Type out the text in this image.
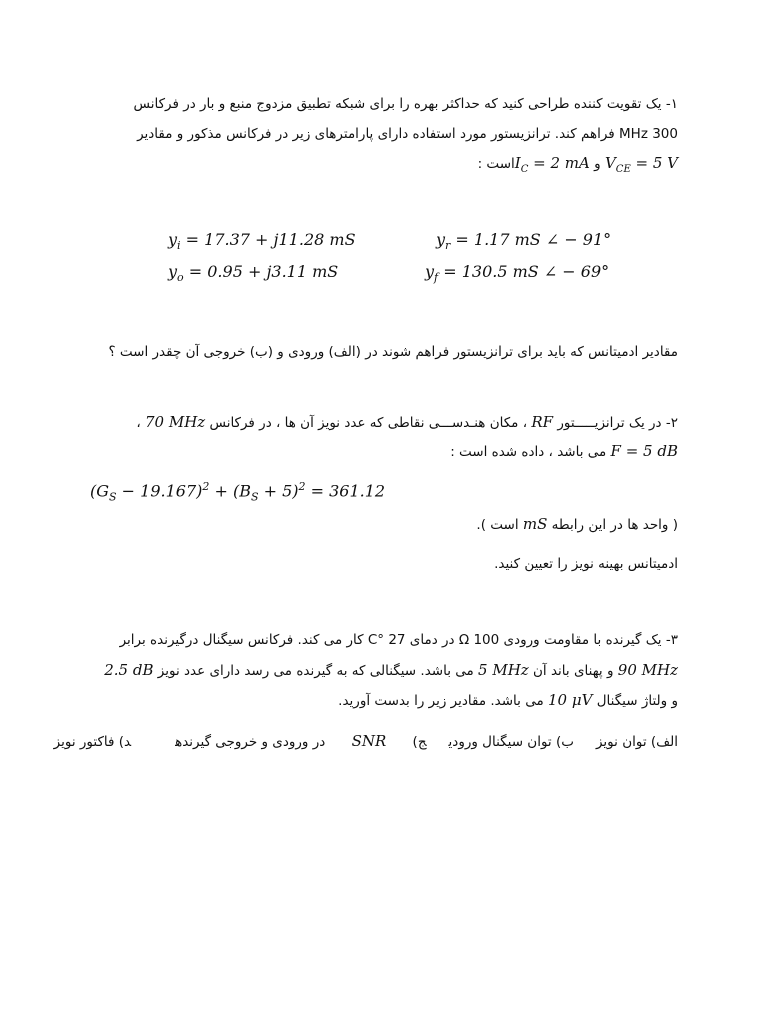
۱- یک تقویت کننده طراحی کنید که حداکثر بهره را برای شبکه تطبیق مزدوج منبع و بار در فرکانس
300 MHz فراهم کند. ترانزیستور مورد استفاده دارای پارامترهای زیر در فرکانس مذکور و مقادیر
$V_{CE} = 5$ V و $I_C = 2$ mAاست :
$y_i = 17.37 + j11.28$ mS	$y_r = 1.17$ mS ∠ − 91°
$y_o = 0.95 + j3.11$ mS	$y_f = 130.5$ mS ∠ − 69°
مقادیر ادمیتانس که باید برای ترانزیستور فراهم شوند در (الف) ورودی و (ب) خروجی آن چقدر است ؟
۲- در یک ترانزیـــــتور RF ، مکان هنـدســـی نقاطی که عدد نویز آن ها ، در فرکانس 70 MHz ،
F = 5 dB می باشد ، داده شده است :
$(G_S - 19.167)^2 + (B_S + 5)^2 = 361.12$
( واحد ها در این رابطه mS است ).
ادمیتانس بهینه نویز را تعیین کنید.
۳- یک گیرنده با مقاومت ورودی Ω 100 در دمای C° 27 کار می کند. فرکانس سیگنال درگیرنده برابر
90 MHz و پهنای باند آن 5 MHz می باشد. سیگنالی که به گیرنده می رسد دارای عدد نویز 2.5 dB
و ولتاژ سیگنال 10 μV می باشد. مقادیر زیر را بدست آورید.
الف) توان نویزب) توان سیگنال ورودیج) SNR در ورودی و خروجی گیرندهد) فاکتور نویز
